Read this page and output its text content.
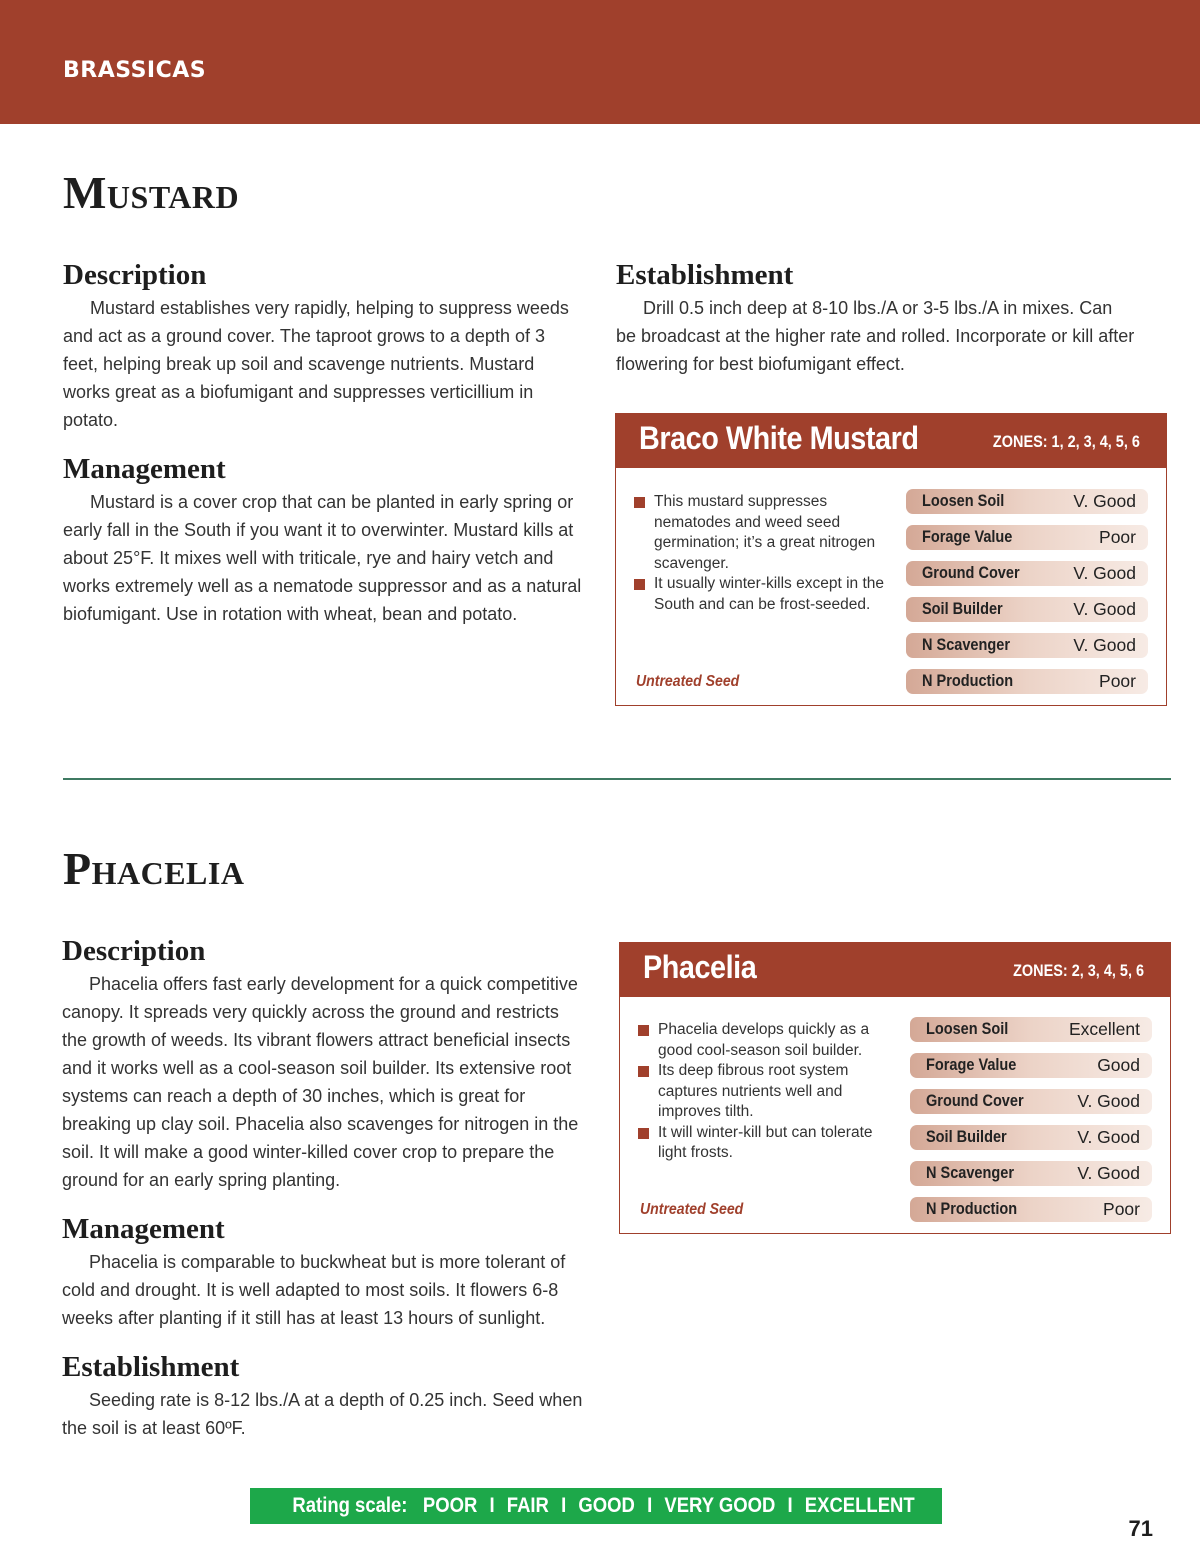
BRASSICAS
Mustard
Description

Mustard establishes very rapidly, helping to suppress weeds and act as a ground cover. The taproot grows to a depth of 3 feet, helping break up soil and scavenge nutrients. Mustard works great as a biofumigant and suppresses verticillium in potato.

Management

Mustard is a cover crop that can be planted in early spring or early fall in the South if you want it to overwinter. Mustard kills at about 25°F. It mixes well with triticale, rye and hairy vetch and works extremely well as a nematode suppressor and as a natural biofumigant. Use in rotation with wheat, bean and potato.

Establishment

Drill 0.5 inch deep at 8-10 lbs./A or 3-5 lbs./A in mixes. Can be broadcast at the higher rate and rolled. Incorporate or kill after flowering for best biofumigant effect.

Braco White Mustard	ZONES: 1, 2, 3, 4, 5, 6
This mustard suppresses nematodes and weed seed germination; it’s a great nitrogen scavenger.
It usually winter-kills except in the South and can be frost-seeded.
Untreated Seed
Loosen Soil	V. Good
Forage Value	Poor
Ground Cover	V. Good
Soil Builder	V. Good
N Scavenger	V. Good
N Production	Poor
Phacelia
Description

Phacelia offers fast early development for a quick competitive canopy. It spreads very quickly across the ground and restricts the growth of weeds. Its vibrant flowers attract beneficial insects and it works well as a cool-season soil builder. Its extensive root systems can reach a depth of 30 inches, which is great for breaking up clay soil. Phacelia also scavenges for nitrogen in the soil. It will make a good winter-killed cover crop to prepare the ground for an early spring planting.

Management

Phacelia is comparable to buckwheat but is more tolerant of cold and drought. It is well adapted to most soils. It flowers 6-8 weeks after planting if it still has at least 13 hours of sunlight.

Establishment

Seeding rate is 8-12 lbs./A at a depth of 0.25 inch. Seed when the soil is at least 60ºF.

Phacelia	ZONES: 2, 3, 4, 5, 6
Phacelia develops quickly as a good cool-season soil builder.
Its deep fibrous root system captures nutrients well and improves tilth.
It will winter-kill but can tolerate light frosts.
Untreated Seed
Loosen Soil	Excellent
Forage Value	Good
Ground Cover	V. Good
Soil Builder	V. Good
N Scavenger	V. Good
N Production	Poor
Rating scale: POOR I FAIR I GOOD I VERY GOOD I EXCELLENT
71
